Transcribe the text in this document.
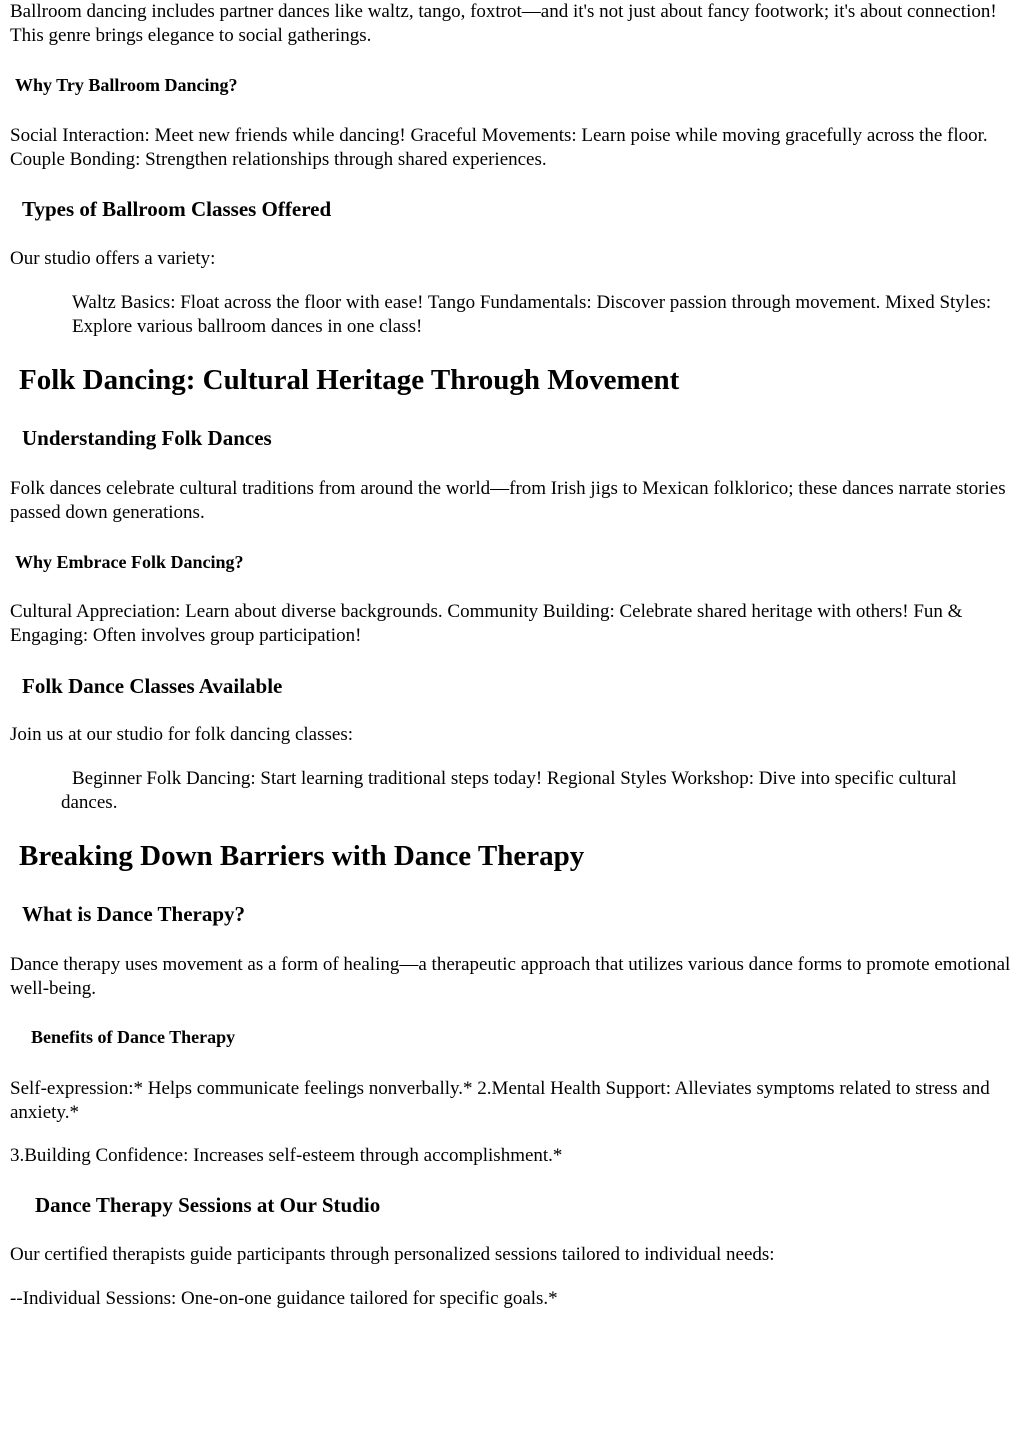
Ballroom dancing includes partner dances like waltz, tango, foxtrot—and it's not just about fancy footwork; it's about connection! This genre brings elegance to social gatherings.

Why Try Ballroom Dancing?

Social Interaction: Meet new friends while dancing! Graceful Movements: Learn poise while moving gracefully across the floor. Couple Bonding: Strengthen relationships through shared experiences.

Types of Ballroom Classes Offered

Our studio offers a variety:

Waltz Basics: Float across the floor with ease! Tango Fundamentals: Discover passion through movement. Mixed Styles: Explore various ballroom dances in one class!

Folk Dancing: Cultural Heritage Through Movement
Understanding Folk Dances

Folk dances celebrate cultural traditions from around the world—from Irish jigs to Mexican folklorico; these dances narrate stories passed down generations.

Why Embrace Folk Dancing?

Cultural Appreciation: Learn about diverse backgrounds. Community Building: Celebrate shared heritage with others! Fun & Engaging: Often involves group participation!

Folk Dance Classes Available

Join us at our studio for folk dancing classes:

Beginner Folk Dancing: Start learning traditional steps today! Regional Styles Workshop: Dive into specific cultural dances.

Breaking Down Barriers with Dance Therapy
What is Dance Therapy?

Dance therapy uses movement as a form of healing—a therapeutic approach that utilizes various dance forms to promote emotional well-being.

Benefits of Dance Therapy

Self-expression:* Helps communicate feelings nonverbally.* 2.Mental Health Support: Alleviates symptoms related to stress and anxiety.*

3.Building Confidence: Increases self-esteem through accomplishment.*

Dance Therapy Sessions at Our Studio

Our certified therapists guide participants through personalized sessions tailored to individual needs:

--Individual Sessions: One-on-one guidance tailored for specific goals.*
